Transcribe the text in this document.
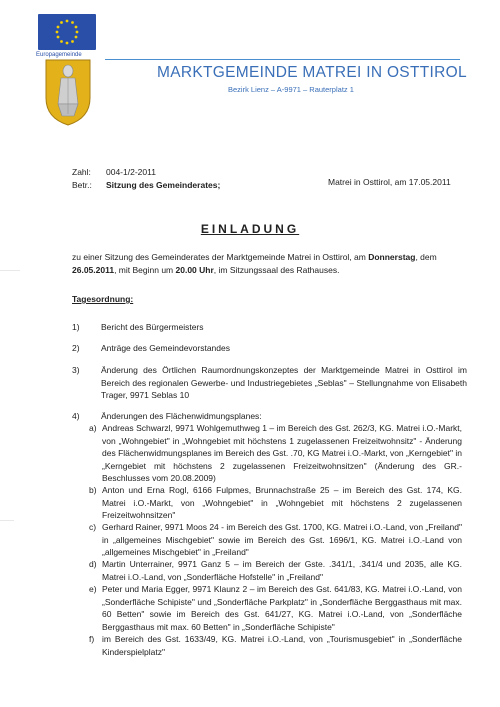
Europagemeinde
MARKTGEMEINDE MATREI IN OSTTIROL
Bezirk Lienz – A-9971 – Rauterplatz 1
Zahl: 004-1/2-2011
Betr.: Sitzung des Gemeinderates;	Matrei in Osttirol, am 17.05.2011
EINLADUNG
zu einer Sitzung des Gemeinderates der Marktgemeinde Matrei in Osttirol, am Donnerstag, dem 26.05.2011, mit Beginn um 20.00 Uhr, im Sitzungssaal des Rathauses.
Tagesordnung:
1)	Bericht des Bürgermeisters
2)	Anträge des Gemeindevorstandes
3)	Änderung des Örtlichen Raumordnungskonzeptes der Marktgemeinde Matrei in Osttirol im Bereich des regionalen Gewerbe- und Industriegebietes „Seblas" – Stellungnahme von Elisabeth Trager, 9971 Seblas 10
4)	Änderungen des Flächenwidmungsplanes:
a) Andreas Schwarzl, 9971 Wohlgemuthweg 1 – im Bereich des Gst. 262/3, KG. Matrei i.O.-Markt, von „Wohngebiet" in „Wohngebiet mit höchstens 1 zugelassenen Freizeitwohnsitz" - Änderung des Flächenwidmungsplanes im Bereich des Gst. .70, KG Matrei i.O.-Markt, von „Kerngebiet" in „Kerngebiet mit höchstens 2 zugelassenen Freizeitwohnsitzen" (Änderung des GR.-Beschlusses vom 20.08.2009)
b) Anton und Erna Rogl, 6166 Fulpmes, Brunnachstraße 25 – im Bereich des Gst. 174, KG. Matrei i.O.-Markt, von „Wohngebiet" in „Wohngebiet mit höchstens 2 zugelassenen Freizeitwohnsitzen"
c) Gerhard Rainer, 9971 Moos 24 - im Bereich des Gst. 1700, KG. Matrei i.O.-Land, von „Freiland" in „allgemeines Mischgebiet" sowie im Bereich des Gst. 1696/1, KG. Matrei i.O.-Land von „allgemeines Mischgebiet" in „Freiland"
d) Martin Unterrainer, 9971 Ganz 5 – im Bereich der Gste. .341/1, .341/4 und 2035, alle KG. Matrei i.O.-Land, von „Sonderfläche Hofstelle" in „Freiland"
e) Peter und Maria Egger, 9971 Klaunz 2 – im Bereich des Gst. 641/83, KG. Matrei i.O.-Land, von „Sonderfläche Schipiste" und „Sonderfläche Parkplatz" in „Sonderfläche Berggasthaus mit max. 60 Betten" sowie im Bereich des Gst. 641/27, KG. Matrei i.O.-Land, von „Sonderfläche Berggasthaus mit max. 60 Betten" in „Sonderfläche Schipiste"
f) im Bereich des Gst. 1633/49, KG. Matrei i.O.-Land, von „Tourismusgebiet" in „Sonderfläche Kinderspielplatz"
